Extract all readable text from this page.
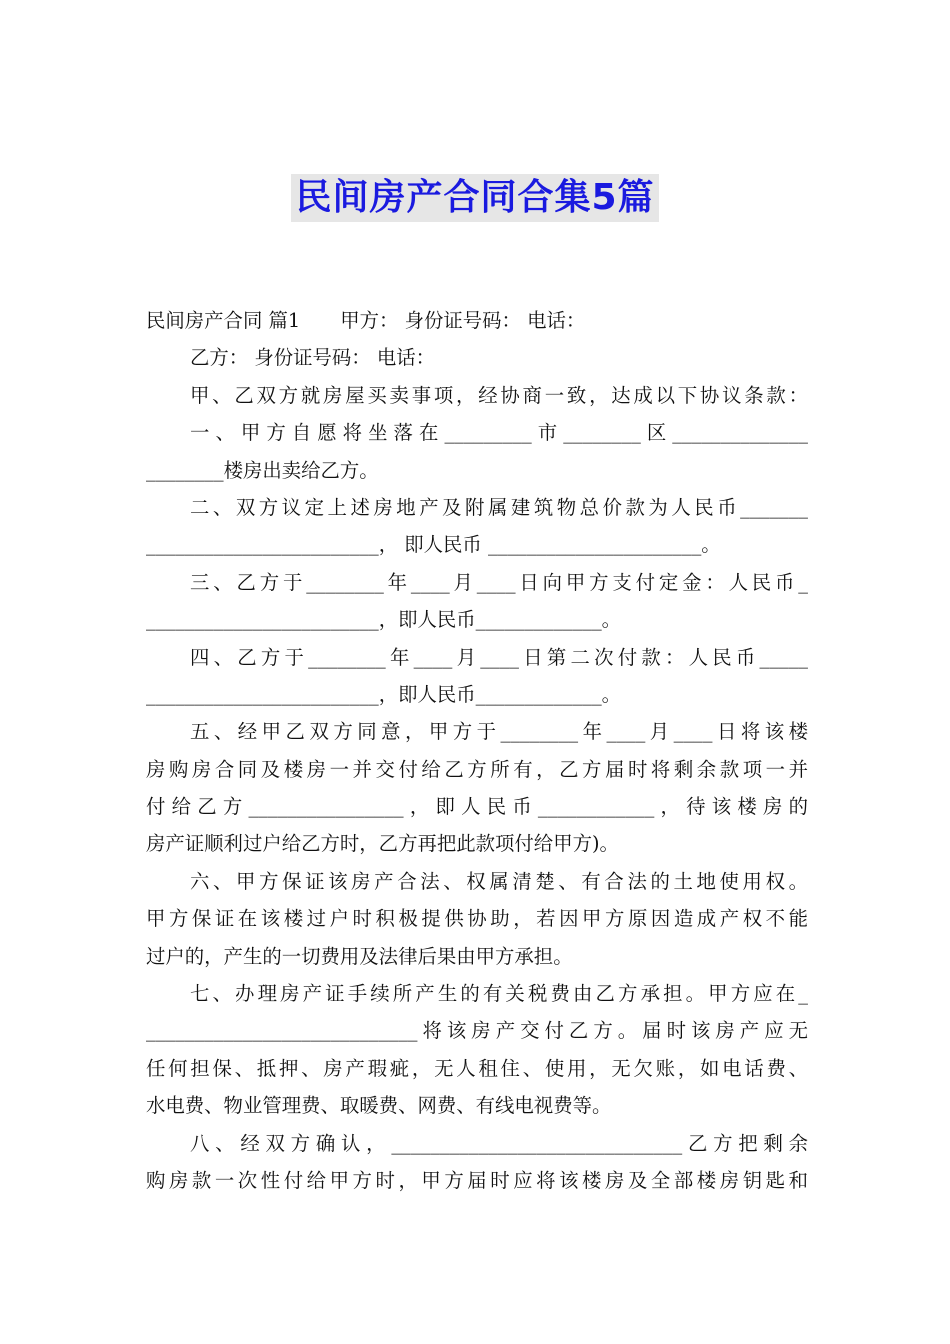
民间房产合同合集5篇
民间房产合同 篇1 甲方： 身份证号码： 电话：
乙方： 身份证号码： 电话：
甲、乙双方就房屋买卖事项，经协商一致，达成以下协议条款：
一、甲方自愿将坐落在_________市________区______________
________楼房出卖给乙方。
二、双方议定上述房地产及附属建筑物总价款为人民币_______
________________________， 即人民币 ______________________。
三、乙方于________年____月____日向甲方支付定金：人民币_
________________________，即人民币_____________。
四、乙方于________年____月____日第二次付款：人民币_____
________________________，即人民币_____________。
五、经甲乙双方同意，甲方于________年____月____日将该楼
房购房合同及楼房一并交付给乙方所有，乙方届时将剩余款项一并
付给乙方________________，即人民币____________，待该楼房的
房产证顺利过户给乙方时，乙方再把此款项付给甲方)。
六、甲方保证该房产合法、权属清楚、有合法的土地使用权。
甲方保证在该楼过户时积极提供协助，若因甲方原因造成产权不能
过户的，产生的一切费用及法律后果由甲方承担。
七、办理房产证手续所产生的有关税费由乙方承担。甲方应在_
____________________________将该房产交付乙方。届时该房产应无
任何担保、抵押、房产瑕疵，无人租住、使用，无欠账，如电话费、
水电费、物业管理费、取暖费、网费、有线电视费等。
八、经双方确认，______________________________乙方把剩余
购房款一次性付给甲方时，甲方届时应将该楼房及全部楼房钥匙和
